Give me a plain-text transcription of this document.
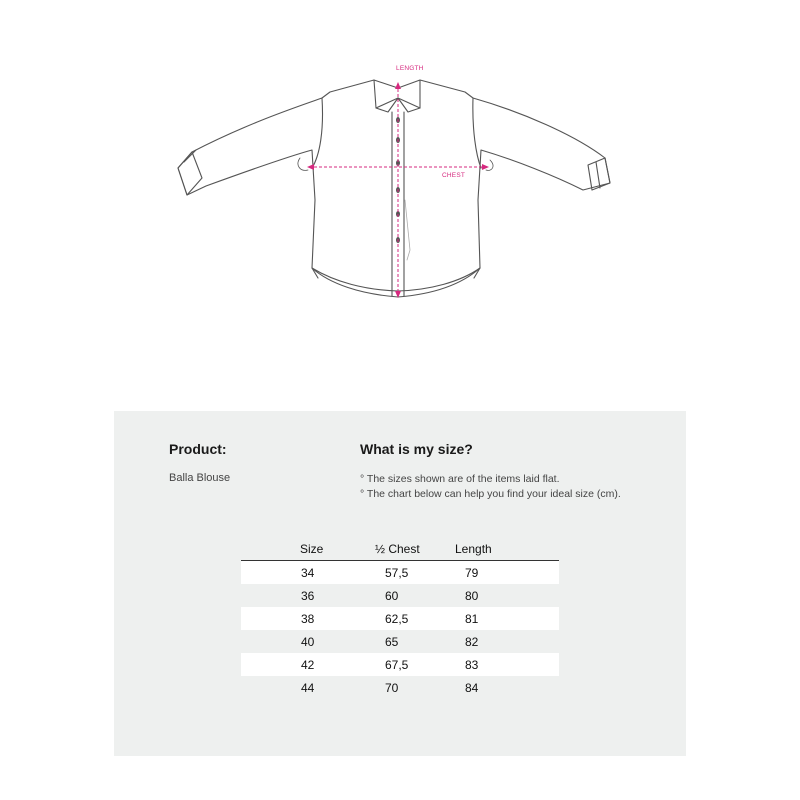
LENGTH
CHEST
Product:
Balla Blouse
What is my size?
° The sizes shown are of the items laid flat.
° The chart below can help you find your ideal size (cm).
Size	½ Chest	Length
34	57,5	79
36	60	80
38	62,5	81
40	65	82
42	67,5	83
44	70	84
